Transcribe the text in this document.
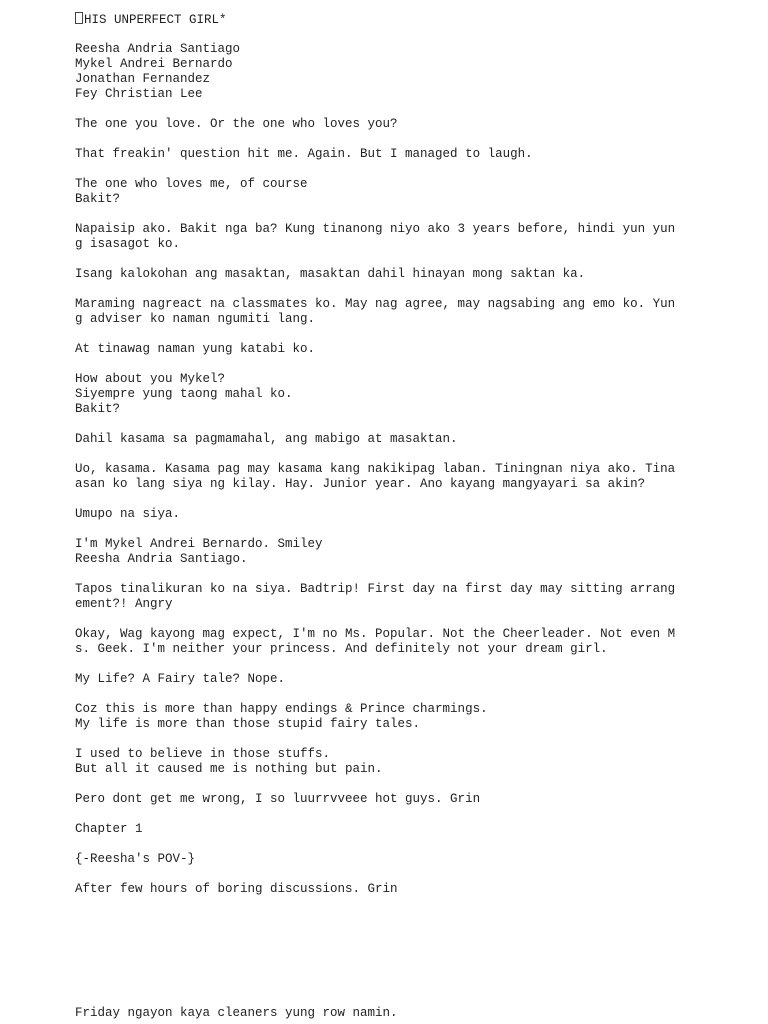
HIS UNPERFECT GIRL*
Reesha Andria Santiago
Mykel Andrei Bernardo
Jonathan Fernandez
Fey Christian Lee
The one you love. Or the one who loves you?
That freakin' question hit me. Again. But I managed to laugh.
The one who loves me, of course
Bakit?
Napaisip ako. Bakit nga ba? Kung tinanong niyo ako 3 years before, hindi yun yun
g isasagot ko.
Isang kalokohan ang masaktan, masaktan dahil hinayan mong saktan ka.
Maraming nagreact na classmates ko. May nag agree, may nagsabing ang emo ko. Yun
g adviser ko naman ngumiti lang.
At tinawag naman yung katabi ko.
How about you Mykel?
Siyempre yung taong mahal ko.
Bakit?
Dahil kasama sa pagmamahal, ang mabigo at masaktan.
Uo, kasama. Kasama pag may kasama kang nakikipag laban. Tiningnan niya ako. Tina
asan ko lang siya ng kilay. Hay. Junior year. Ano kayang mangyayari sa akin?
Umupo na siya.
I'm Mykel Andrei Bernardo. Smiley
Reesha Andria Santiago.
Tapos tinalikuran ko na siya. Badtrip! First day na first day may sitting arrang
ement?! Angry
Okay, Wag kayong mag expect, I'm no Ms. Popular. Not the Cheerleader. Not even M
s. Geek. I'm neither your princess. And definitely not your dream girl.
My Life? A Fairy tale? Nope.
Coz this is more than happy endings & Prince charmings.
My life is more than those stupid fairy tales.
I used to believe in those stuffs.
But all it caused me is nothing but pain.
Pero dont get me wrong, I so luurrvveee hot guys. Grin
Chapter 1
{-Reesha's POV-}
After few hours of boring discussions. Grin
Friday ngayon kaya cleaners yung row namin.
